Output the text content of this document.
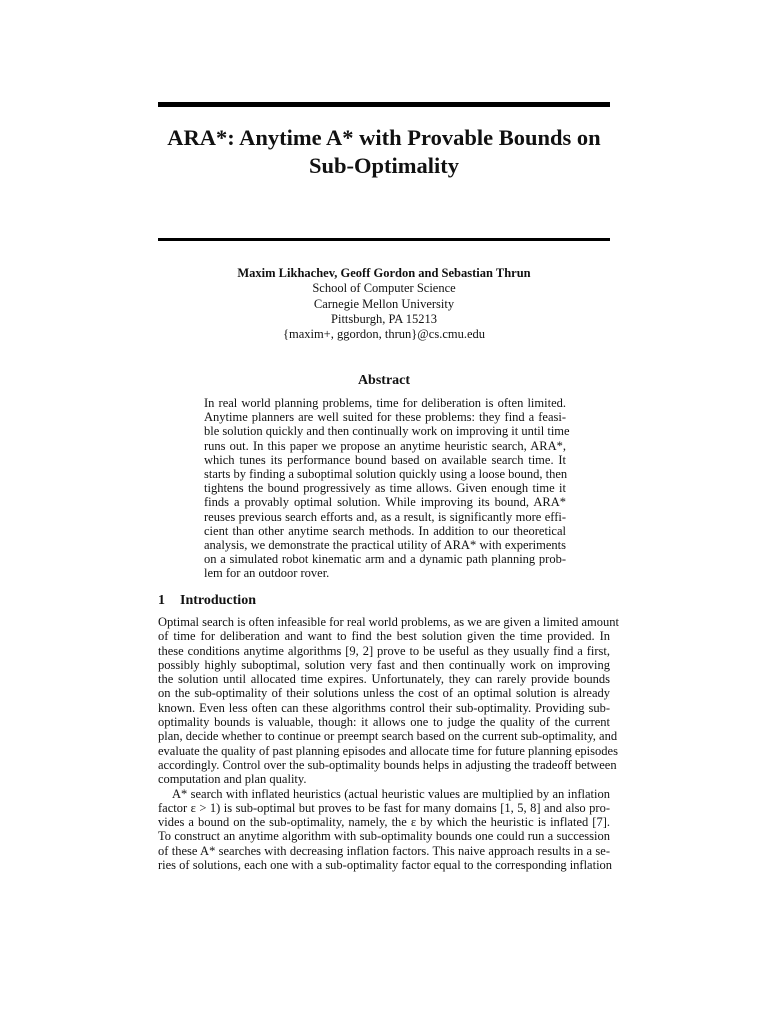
ARA*: Anytime A* with Provable Bounds on
Sub-Optimality
Maxim Likhachev, Geoff Gordon and Sebastian Thrun
School of Computer Science
Carnegie Mellon University
Pittsburgh, PA 15213
{maxim+, ggordon, thrun}@cs.cmu.edu
Abstract
In real world planning problems, time for deliberation is often limited.
Anytime planners are well suited for these problems: they find a feasi-
ble solution quickly and then continually work on improving it until time
runs out. In this paper we propose an anytime heuristic search, ARA*,
which tunes its performance bound based on available search time. It
starts by finding a suboptimal solution quickly using a loose bound, then
tightens the bound progressively as time allows. Given enough time it
finds a provably optimal solution. While improving its bound, ARA*
reuses previous search efforts and, as a result, is significantly more effi-
cient than other anytime search methods. In addition to our theoretical
analysis, we demonstrate the practical utility of ARA* with experiments
on a simulated robot kinematic arm and a dynamic path planning prob-
lem for an outdoor rover.
1 Introduction
Optimal search is often infeasible for real world problems, as we are given a limited amount
of time for deliberation and want to find the best solution given the time provided. In
these conditions anytime algorithms [9, 2] prove to be useful as they usually find a first,
possibly highly suboptimal, solution very fast and then continually work on improving
the solution until allocated time expires. Unfortunately, they can rarely provide bounds
on the sub-optimality of their solutions unless the cost of an optimal solution is already
known. Even less often can these algorithms control their sub-optimality. Providing sub-
optimality bounds is valuable, though: it allows one to judge the quality of the current
plan, decide whether to continue or preempt search based on the current sub-optimality, and
evaluate the quality of past planning episodes and allocate time for future planning episodes
accordingly. Control over the sub-optimality bounds helps in adjusting the tradeoff between
computation and plan quality.
A* search with inflated heuristics (actual heuristic values are multiplied by an inflation
factor ε > 1) is sub-optimal but proves to be fast for many domains [1, 5, 8] and also pro-
vides a bound on the sub-optimality, namely, the ε by which the heuristic is inflated [7].
To construct an anytime algorithm with sub-optimality bounds one could run a succession
of these A* searches with decreasing inflation factors. This naive approach results in a se-
ries of solutions, each one with a sub-optimality factor equal to the corresponding inflation
